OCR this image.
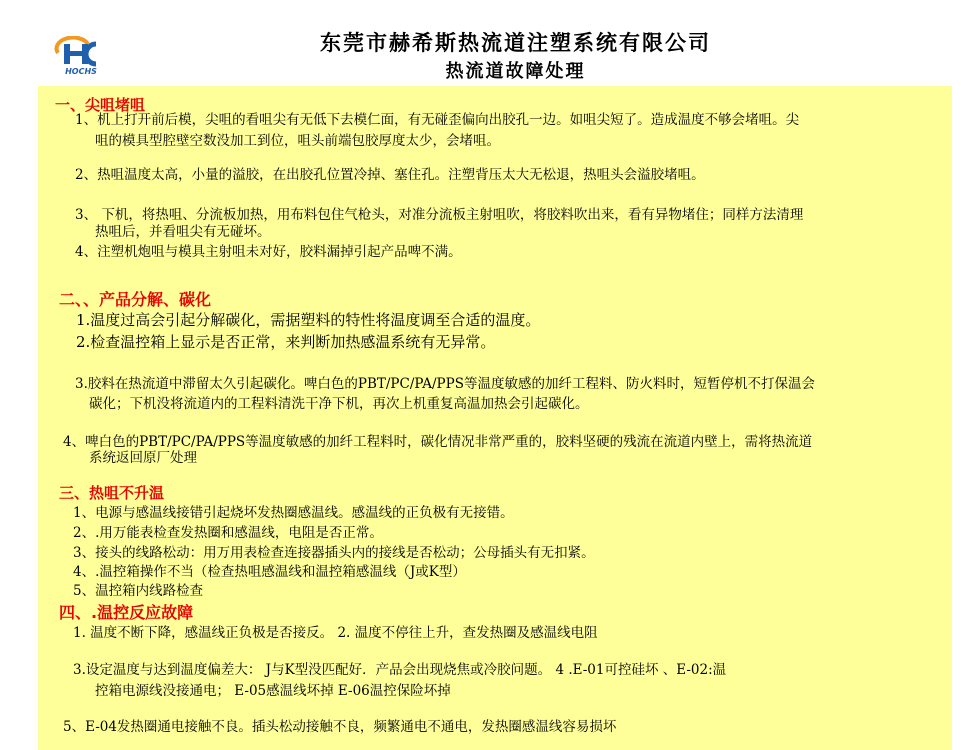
HOCHS
东莞市赫希斯热流道注塑系统有限公司
热流道故障处理
一、尖咀堵咀
1、机上打开前后模，尖咀的看咀尖有无低下去模仁面，有无碰歪偏向出胶孔一边。如咀尖短了。造成温度不够会堵咀。尖
咀的模具型腔壁空数没加工到位，咀头前端包胶厚度太少，会堵咀。
2、热咀温度太高，小量的溢胶，在出胶孔位置冷掉、塞住孔。注塑背压太大无松退，热咀头会溢胶堵咀。
3、 下机，将热咀、分流板加热，用布料包住气枪头，对准分流板主射咀吹，将胶料吹出来，看有异物堵住；同样方法清理
热咀后，并看咀尖有无碰坏。
4、注塑机炮咀与模具主射咀未对好，胶料漏掉引起产品啤不满。
二、、产品分解、碳化
1.温度过高会引起分解碳化，需据塑料的特性将温度调至合适的温度。
2.检查温控箱上显示是否正常，来判断加热感温系统有无异常。
3.胶料在热流道中滞留太久引起碳化。啤白色的PBT/PC/PA/PPS等温度敏感的加纤工程料、防火料时，短暂停机不打保温会
碳化；下机没将流道内的工程料清洗干净下机，再次上机重复高温加热会引起碳化。
4、啤白色的PBT/PC/PA/PPS等温度敏感的加纤工程料时，碳化情况非常严重的，胶料坚硬的残流在流道内壁上，需将热流道
系统返回原厂处理
三、热咀不升温
1、电源与感温线接错引起烧坏发热圈感温线。感温线的正负极有无接错。
2、.用万能表检查发热圈和感温线，电阻是否正常。
3、接头的线路松动：用万用表检查连接器插头内的接线是否松动；公母插头有无扣紧。
4、.温控箱操作不当（检查热咀感温线和温控箱感温线（J或K型）
5、温控箱内线路检查
四、.温控反应故障
1. 温度不断下降，感温线正负极是否接反。 2. 温度不停往上升，查发热圈及感温线电阻
3.设定温度与达到温度偏差大： J与K型没匹配好．产品会出现烧焦或冷胶问题。 4 .E-01可控硅坏 、E-02:温
控箱电源线没接通电； E-05感温线坏掉 E-06温控保险坏掉
5、E-04发热圈通电接触不良。插头松动接触不良，频繁通电不通电，发热圈感温线容易损坏
